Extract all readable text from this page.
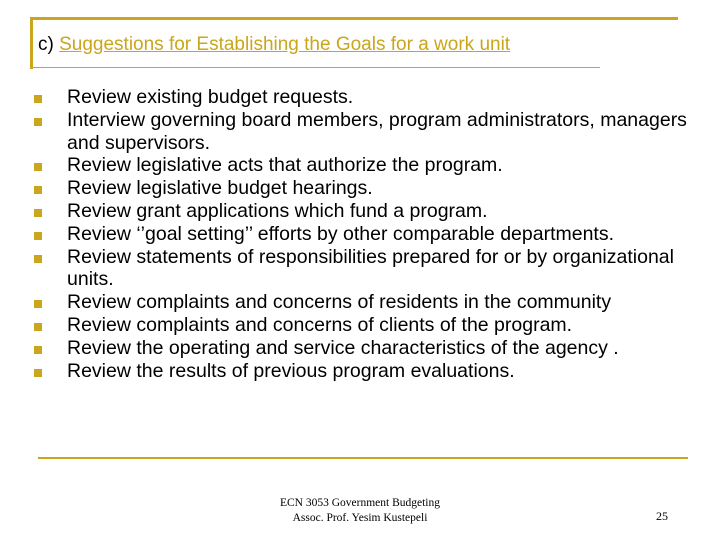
c) Suggestions for Establishing the Goals for a work unit
Review existing budget requests.
Interview governing board members, program administrators, managers and supervisors.
Review legislative acts that authorize the program.
Review legislative budget hearings.
Review grant applications which fund a program.
Review ‘’goal setting’’ efforts by other comparable departments.
Review statements of responsibilities prepared for or by organizational units.
Review complaints and concerns of residents in the community
Review complaints and concerns of clients of the program.
Review the operating and service characteristics of the agency .
Review the results of previous program evaluations.
ECN 3053 Government Budgeting
Assoc. Prof. Yesim Kustepeli	25
